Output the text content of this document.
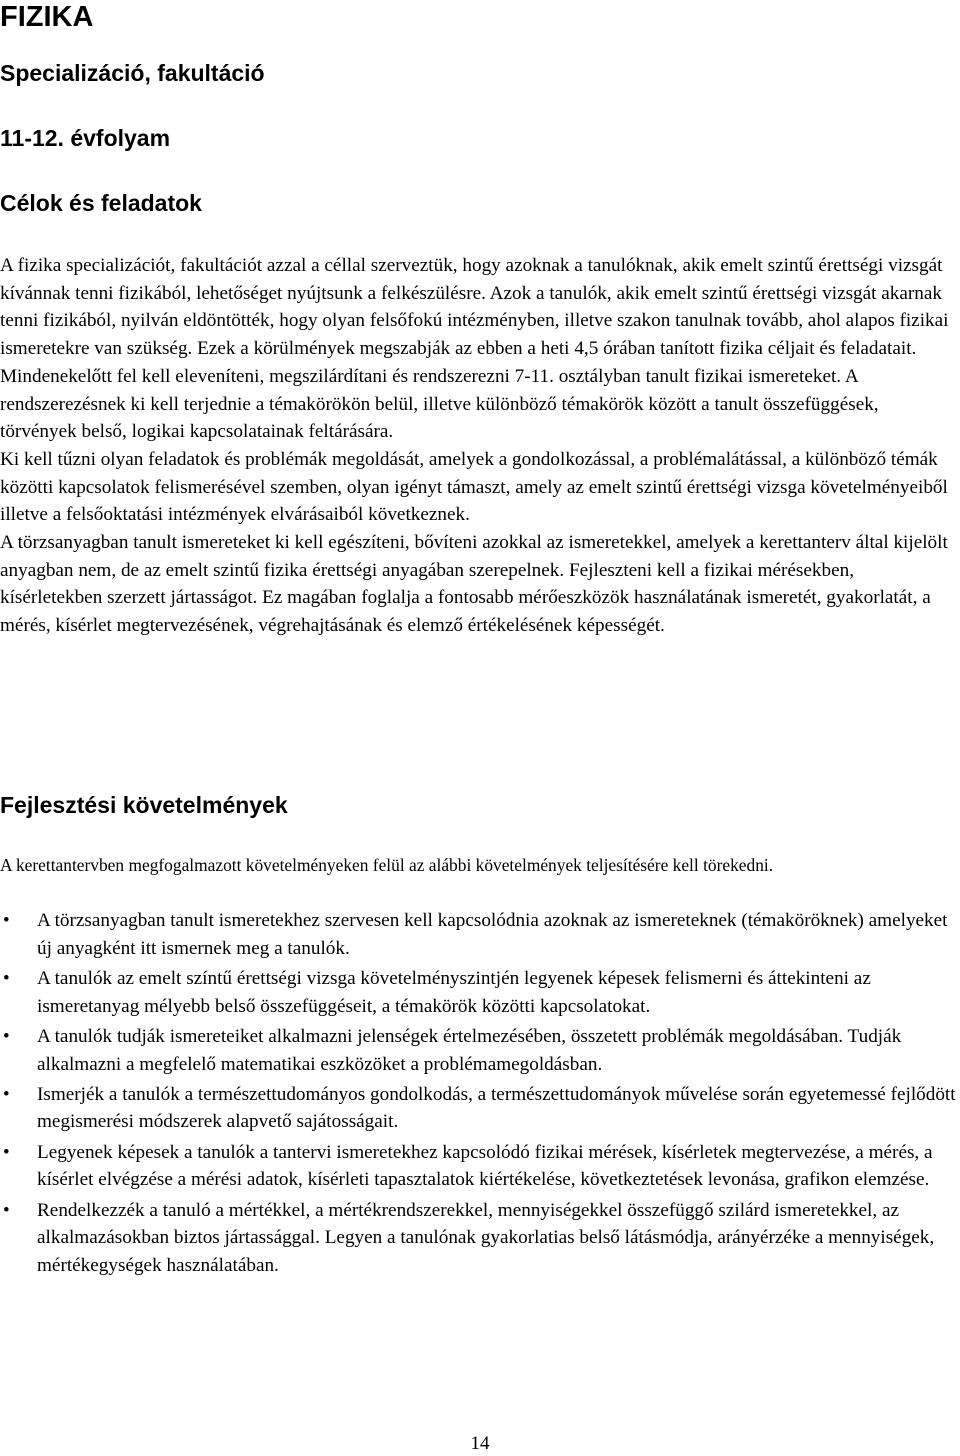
FIZIKA
Specializáció, fakultáció
11-12. évfolyam
Célok és feladatok

A fizika specializációt, fakultációt azzal a céllal szerveztük, hogy azoknak a tanulóknak, akik emelt szintű érettségi vizsgát kívánnak tenni fizikából, lehetőséget nyújtsunk a felkészülésre. Azok a tanulók, akik emelt szintű érettségi vizsgát akarnak tenni fizikából, nyilván eldöntötték, hogy olyan felsőfokú intézményben, illetve szakon tanulnak tovább, ahol alapos fizikai ismeretekre van szükség. Ezek a körülmények megszabják az ebben a heti 4,5 órában tanított fizika céljait és feladatait.

Mindenekelőtt fel kell eleveníteni, megszilárdítani és rendszerezni 7-11. osztályban tanult fizikai ismereteket. A rendszerezésnek ki kell terjednie a témakörökön belül, illetve különböző témakörök között a tanult összefüggések, törvények belső, logikai kapcsolatainak feltárására.

Ki kell tűzni olyan feladatok és problémák megoldását, amelyek a gondolkozással, a problémalátással, a különböző témák közötti kapcsolatok felismerésével szemben, olyan igényt támaszt, amely az emelt szintű érettségi vizsga követelményeiből illetve a felsőoktatási intézmények elvárásaiból következnek.

A törzsanyagban tanult ismereteket ki kell egészíteni, bővíteni azokkal az ismeretekkel, amelyek a kerettanterv által kijelölt anyagban nem, de az emelt szintű fizika érettségi anyagában szerepelnek. Fejleszteni kell a fizikai mérésekben, kísérletekben szerzett jártasságot. Ez magában foglalja a fontosabb mérőeszközök használatának ismeretét, gyakorlatát, a mérés, kísérlet megtervezésének, végrehajtásának és elemző értékelésének képességét.

Fejlesztési követelmények

A kerettantervben megfogalmazott követelményeken felül az alábbi követelmények teljesítésére kell törekedni.

• A törzsanyagban tanult ismeretekhez szervesen kell kapcsolódnia azoknak az ismereteknek (témaköröknek) amelyeket új anyagként itt ismernek meg a tanulók.
• A tanulók az emelt színtű érettségi vizsga követelményszintjén legyenek képesek felismerni és áttekinteni az ismeretanyag mélyebb belső összefüggéseit, a témakörök közötti kapcsolatokat.
• A tanulók tudják ismereteiket alkalmazni jelenségek értelmezésében, összetett problémák megoldásában. Tudják alkalmazni a megfelelő matematikai eszközöket a problémamegoldásban.
• Ismerjék a tanulók a természettudományos gondolkodás, a természettudományok művelése során egyetemessé fejlődött megismerési módszerek alapvető sajátosságait.
• Legyenek képesek a tanulók a tantervi ismeretekhez kapcsolódó fizikai mérések, kísérletek megtervezése, a mérés, a kísérlet elvégzése a mérési adatok, kísérleti tapasztalatok kiértékelése, következtetések levonása, grafikon elemzése.
• Rendelkezzék a tanuló a mértékkel, a mértékrendszerekkel, mennyiségekkel összefüggő szilárd ismeretekkel, az alkalmazásokban biztos jártassággal. Legyen a tanulónak gyakorlatias belső látásmódja, arányérzéke a mennyiségek, mértékegységek használatában.
14
